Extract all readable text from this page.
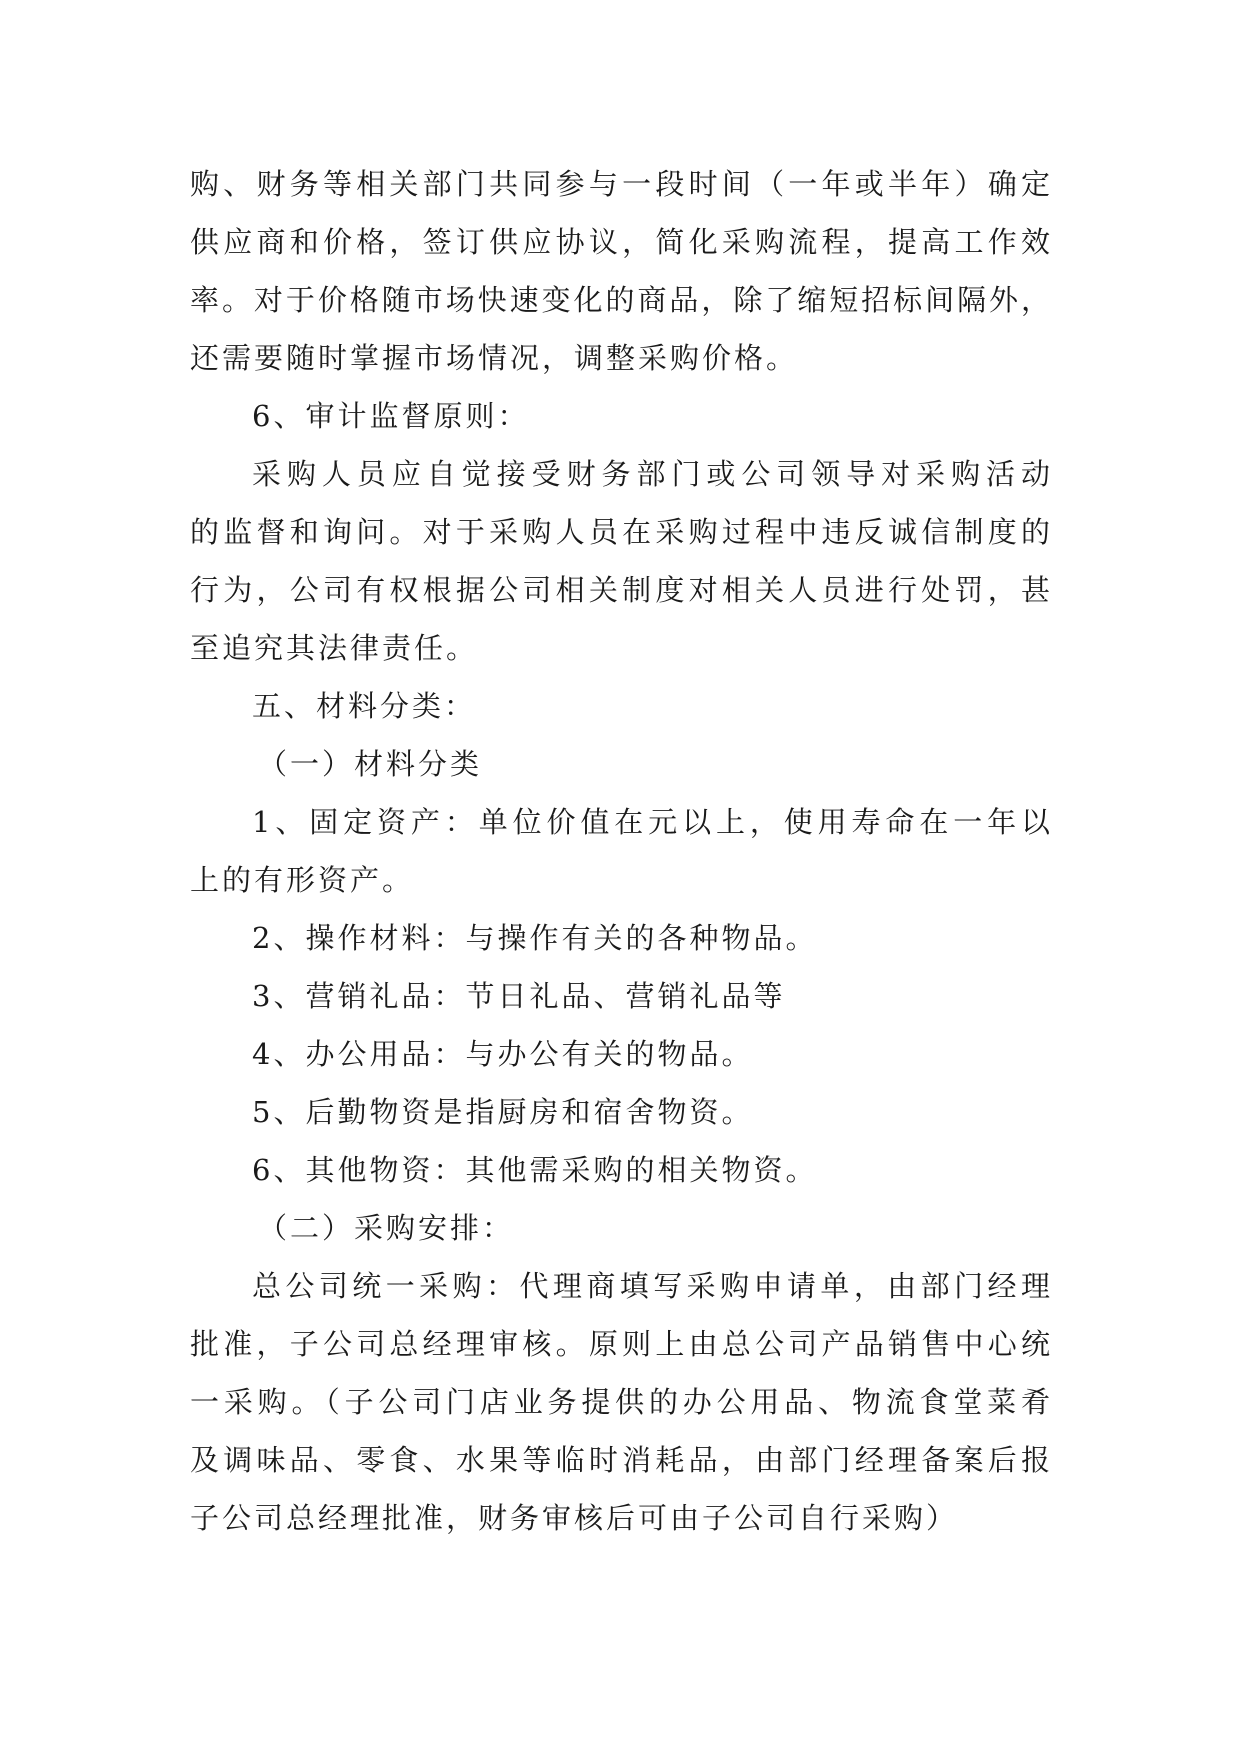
购、财务等相关部门共同参与一段时间（一年或半年）确定
供应商和价格，签订供应协议，简化采购流程，提高工作效
率。对于价格随市场快速变化的商品，除了缩短招标间隔外，
还需要随时掌握市场情况，调整采购价格。
6、审计监督原则：
采购人员应自觉接受财务部门或公司领导对采购活动
的监督和询问。对于采购人员在采购过程中违反诚信制度的
行为，公司有权根据公司相关制度对相关人员进行处罚，甚
至追究其法律责任。
五、材料分类：
（一）材料分类
1、固定资产：单位价值在元以上，使用寿命在一年以
上的有形资产。
2、操作材料：与操作有关的各种物品。
3、营销礼品：节日礼品、营销礼品等
4、办公用品：与办公有关的物品。
5、后勤物资是指厨房和宿舍物资。
6、其他物资：其他需采购的相关物资。
（二）采购安排：
总公司统一采购：代理商填写采购申请单，由部门经理
批准，子公司总经理审核。原则上由总公司产品销售中心统
一采购。（子公司门店业务提供的办公用品、物流食堂菜肴
及调味品、零食、水果等临时消耗品，由部门经理备案后报
子公司总经理批准，财务审核后可由子公司自行采购）
